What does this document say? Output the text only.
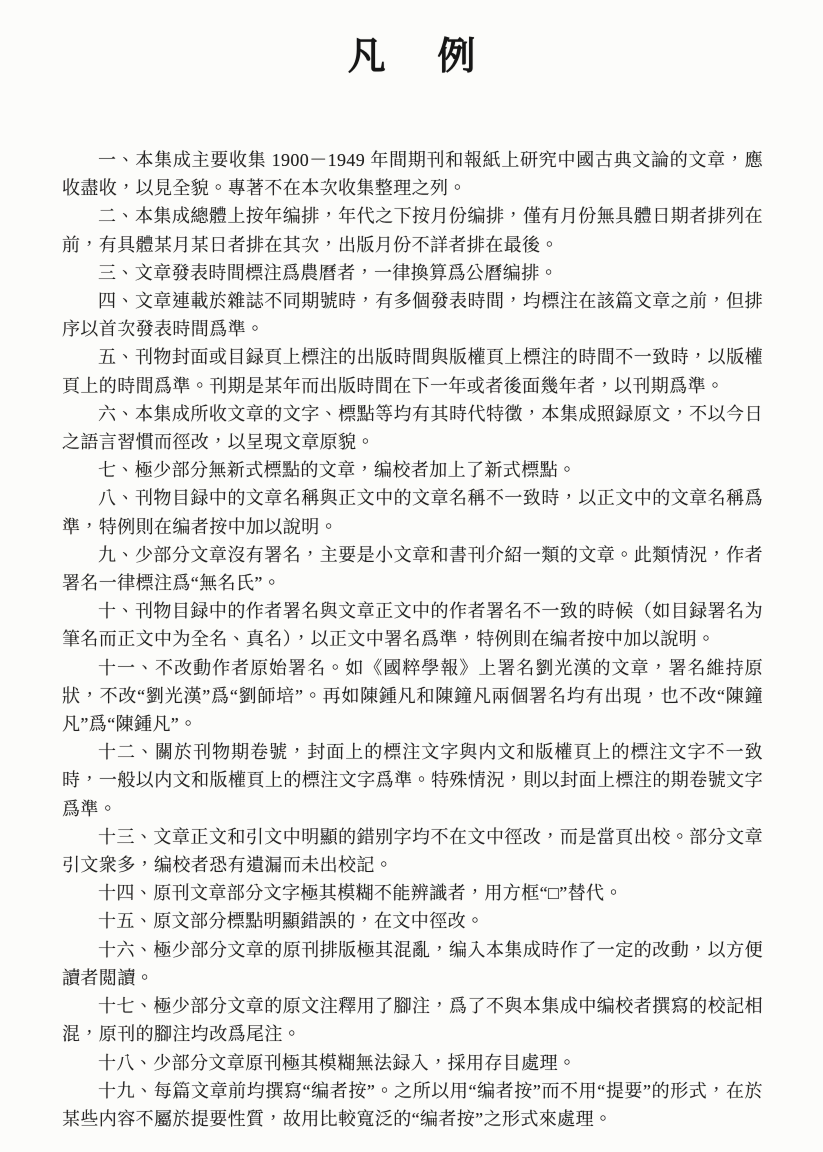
凡　例

一、本集成主要收集 1900－1949 年間期刊和報紙上研究中國古典文論的文章，應收盡收，以見全貌。專著不在本次收集整理之列。

二、本集成總體上按年编排，年代之下按月份编排，僅有月份無具體日期者排列在前，有具體某月某日者排在其次，出版月份不詳者排在最後。

三、文章發表時間標注爲農曆者，一律換算爲公曆编排。

四、文章連載於雜誌不同期號時，有多個發表時間，均標注在該篇文章之前，但排序以首次發表時間爲準。

五、刊物封面或目録頁上標注的出版時間與版權頁上標注的時間不一致時，以版權頁上的時間爲準。刊期是某年而出版時間在下一年或者後面幾年者，以刊期爲準。

六、本集成所收文章的文字、標點等均有其時代特徵，本集成照録原文，不以今日之語言習慣而徑改，以呈現文章原貌。

七、極少部分無新式標點的文章，编校者加上了新式標點。

八、刊物目録中的文章名稱與正文中的文章名稱不一致時，以正文中的文章名稱爲準，特例則在编者按中加以說明。

九、少部分文章沒有署名，主要是小文章和書刊介紹一類的文章。此類情況，作者署名一律標注爲“無名氏”。

十、刊物目録中的作者署名與文章正文中的作者署名不一致的時候（如目録署名为筆名而正文中为全名、真名），以正文中署名爲準，特例則在编者按中加以說明。

十一、不改動作者原始署名。如《國粹學報》上署名劉光漢的文章，署名維持原狀，不改“劉光漢”爲“劉師培”。再如陳鍾凡和陳鐘凡兩個署名均有出現，也不改“陳鐘凡”爲“陳鍾凡”。

十二、關於刊物期卷號，封面上的標注文字與内文和版權頁上的標注文字不一致時，一般以内文和版權頁上的標注文字爲準。特殊情況，則以封面上標注的期卷號文字爲準。

十三、文章正文和引文中明顯的錯别字均不在文中徑改，而是當頁出校。部分文章引文衆多，编校者恐有遺漏而未出校記。

十四、原刊文章部分文字極其模糊不能辨識者，用方框“□”替代。

十五、原文部分標點明顯錯誤的，在文中徑改。

十六、極少部分文章的原刊排版極其混亂，编入本集成時作了一定的改動，以方便讀者閲讀。

十七、極少部分文章的原文注釋用了腳注，爲了不與本集成中编校者撰寫的校記相混，原刊的腳注均改爲尾注。

十八、少部分文章原刊極其模糊無法録入，採用存目處理。

十九、每篇文章前均撰寫“编者按”。之所以用“编者按”而不用“提要”的形式，在於某些内容不屬於提要性質，故用比較寬泛的“编者按”之形式來處理。
